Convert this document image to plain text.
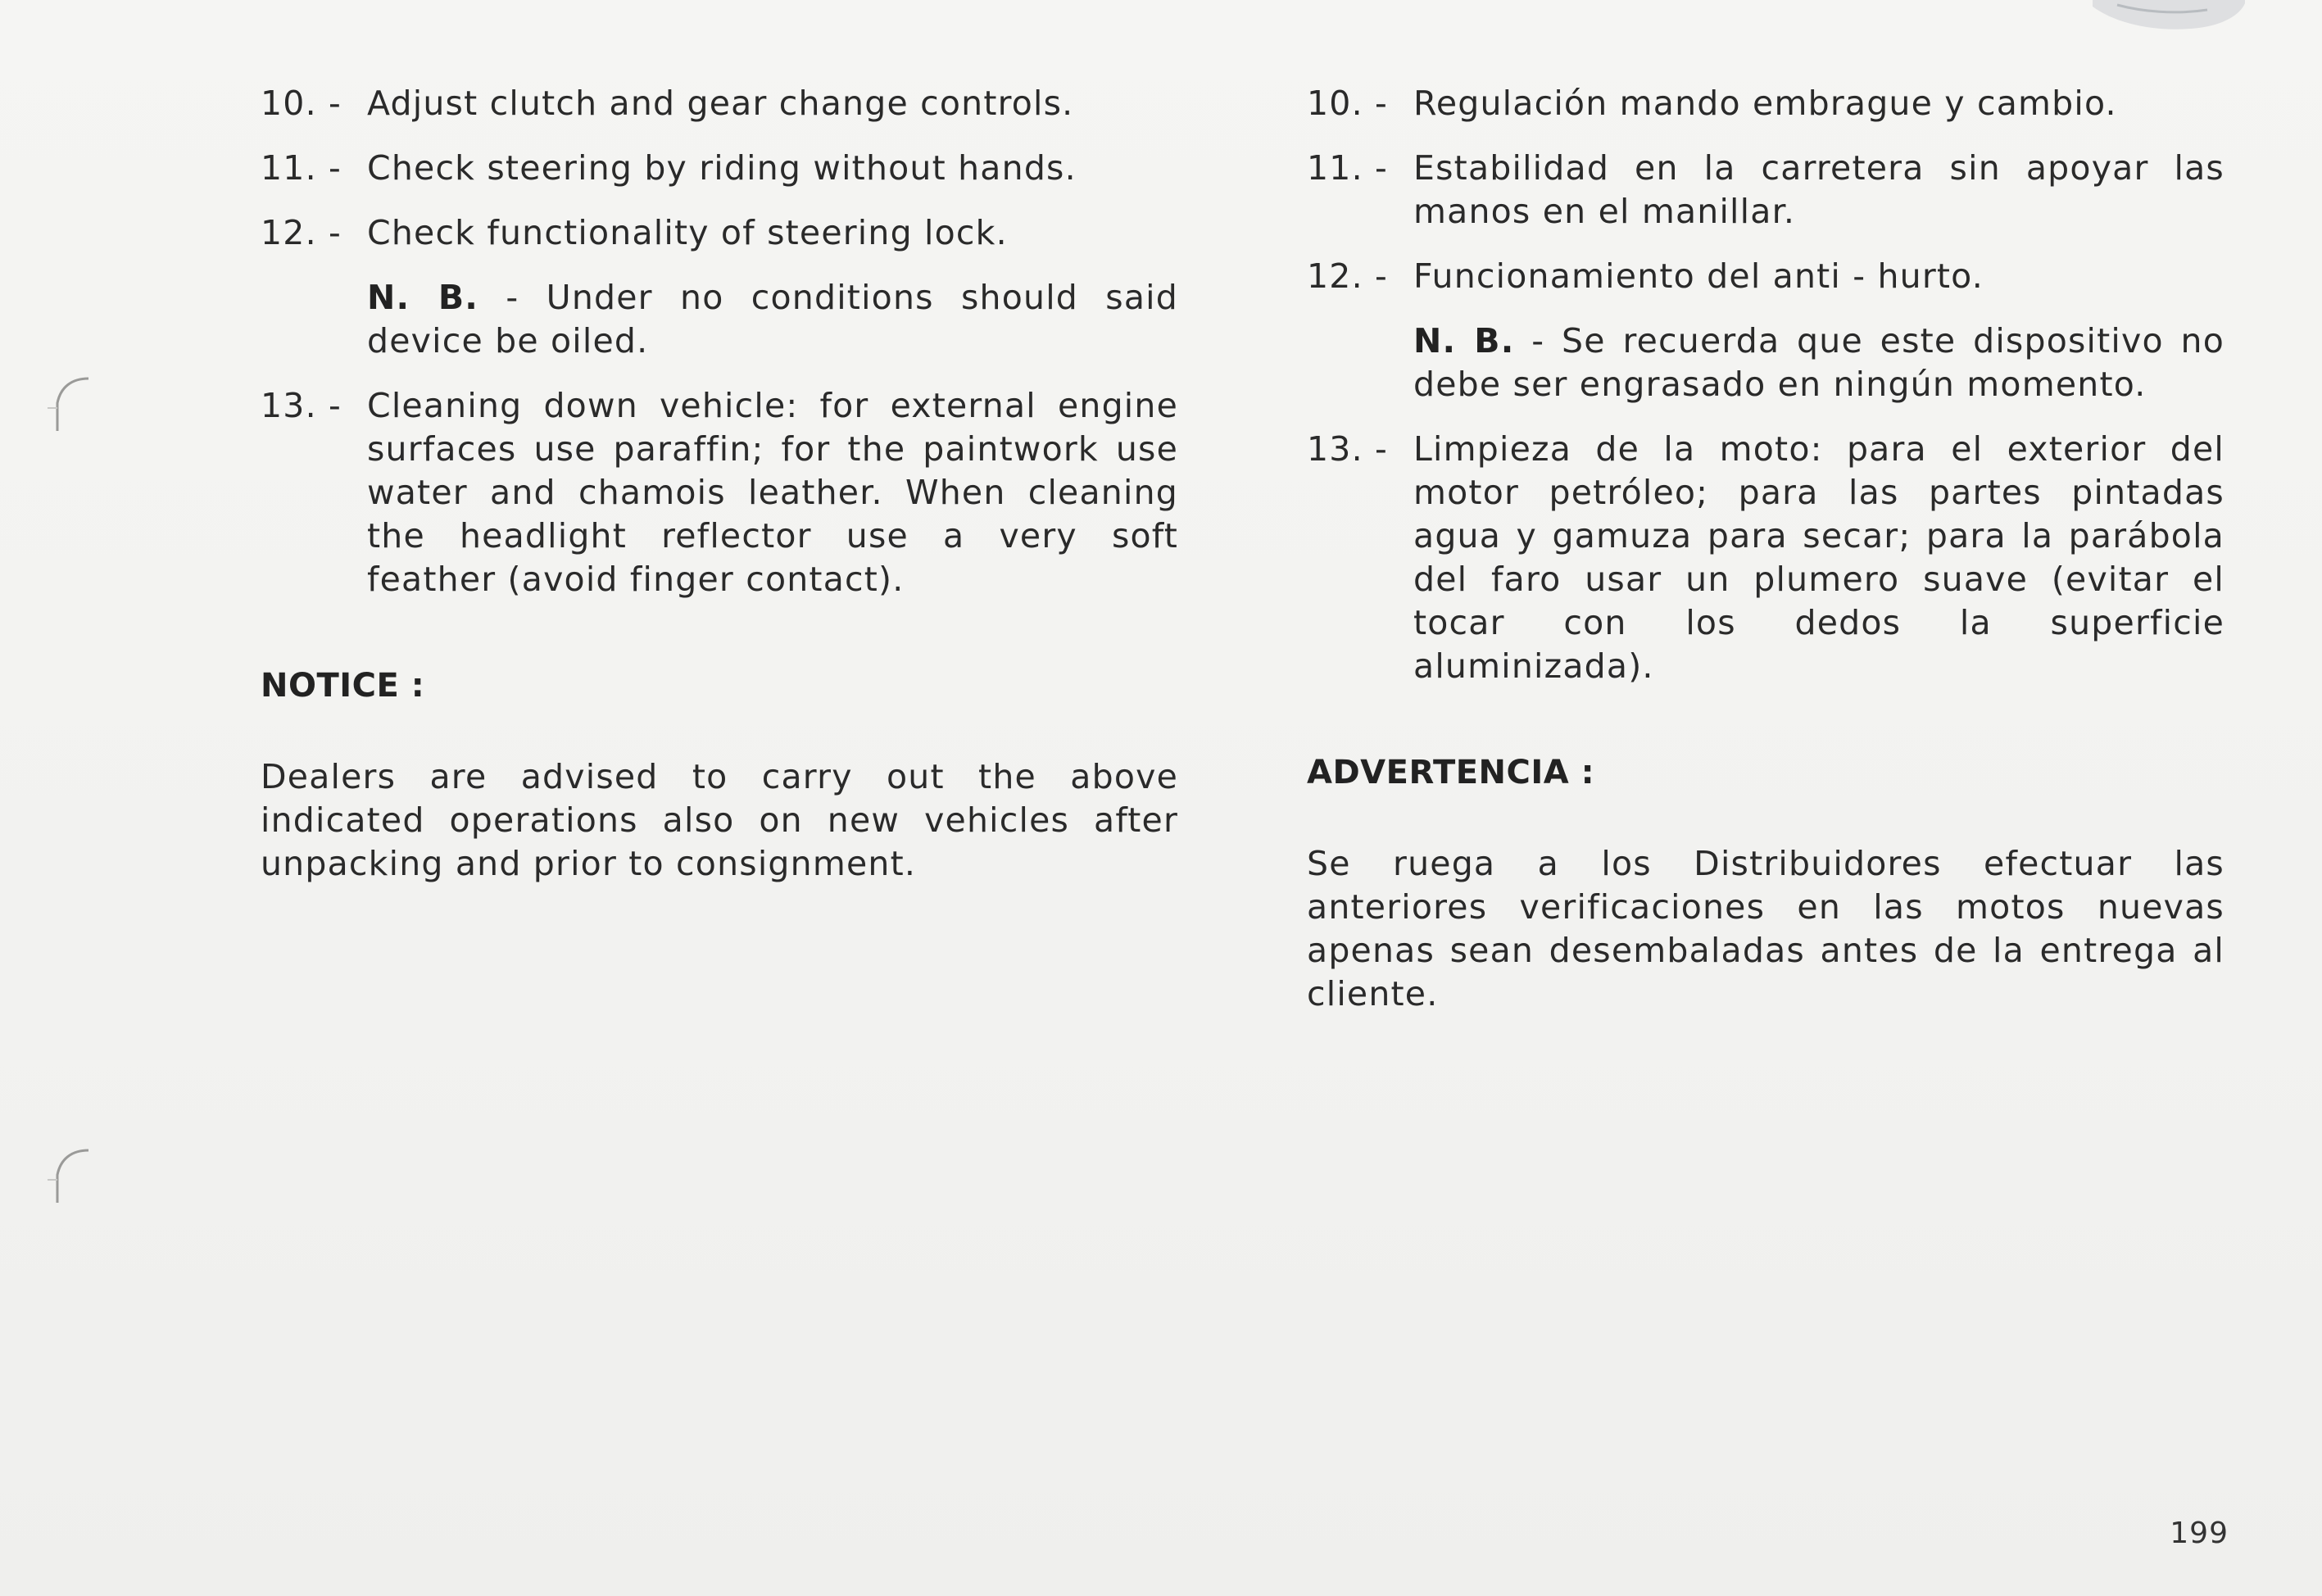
10. - Adjust clutch and gear change controls.
11. - Check steering by riding without hands.
12. - Check functionality of steering lock.
N. B. - Under no conditions should said device be oiled.
13. - Cleaning down vehicle: for external engine surfaces use paraffin; for the paintwork use water and chamois leather. When cleaning the headlight reflector use a very soft feather (avoid finger contact).
NOTICE :
Dealers are advised to carry out the above indicated operations also on new vehicles after unpacking and prior to consignment.
10. - Regulación mando embrague y cambio.
11. - Estabilidad en la carretera sin apoyar las manos en el manillar.
12. - Funcionamiento del anti - hurto.
N. B. - Se recuerda que este dispositivo no debe ser engrasado en ningún momento.
13. - Limpieza de la moto: para el exterior del motor petróleo; para las partes pintadas agua y gamuza para secar; para la parábola del faro usar un plumero suave (evitar el tocar con los dedos la superficie aluminizada).
ADVERTENCIA :
Se ruega a los Distribuidores efectuar las anteriores verificaciones en las motos nuevas apenas sean desembaladas antes de la entrega al cliente.
199
